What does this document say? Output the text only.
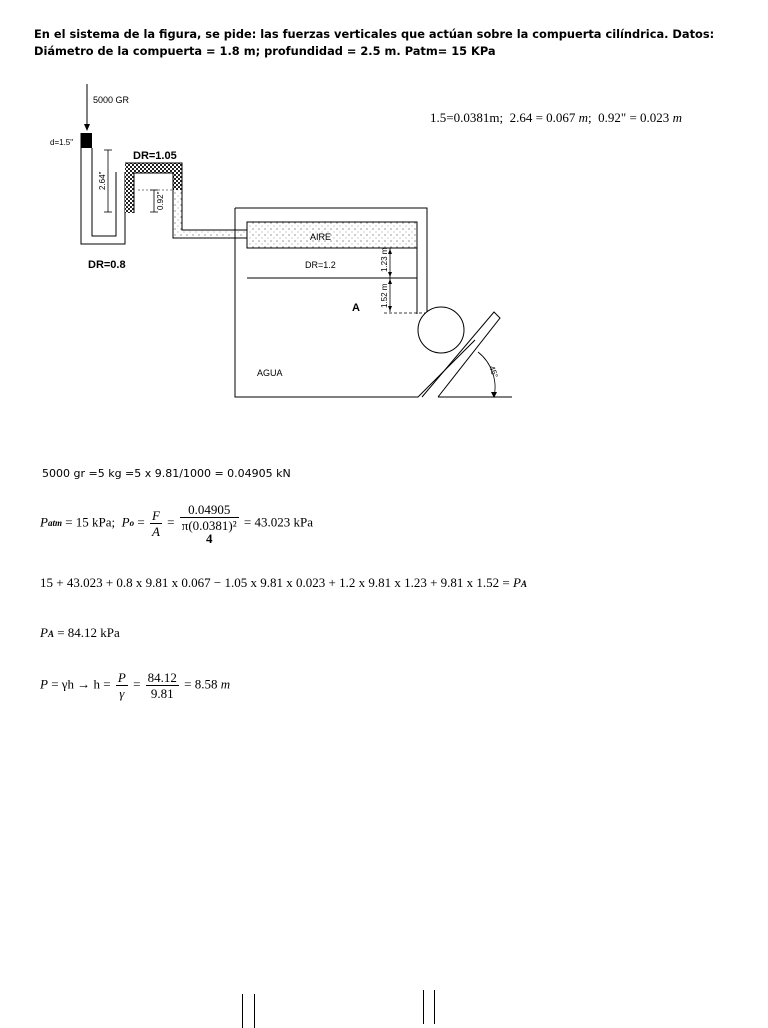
En el sistema de la figura, se pide: las fuerzas verticales que actúan sobre la compuerta cilíndrica. Datos: Diámetro de la compuerta = 1.8 m; profundidad = 2.5 m. Patm= 15 KPa
1.5=0.0381m; 2.64 = 0.067 m;  0.92" = 0.023 m
5000 GR
d=1.5"
DR=0.8
2.64"
DR=1.05
0.92"
AIRE
DR=1.2	1.23 m
1.52 m
A
45°
AGUA
5000 gr =5 kg =5 x 9.81/1000 = 0.04905 kN
Patm = 15 kPa; $Po = \frac{F}{A}$ =
0.04905
π(0.0381)²
4
= 43.023 kPa
15 + 43.023 + 0.8 x 9.81 x 0.067 − 1.05 x 9.81 x 0.023 + 1.2 x 9.81 x 1.23 + 9.81 x 1.52 = PA
PA = 84.12 kPa
$P = \gamma h \to h = \frac{P}{\gamma} = \frac{84.12}{9.81} = 8.58$ m
